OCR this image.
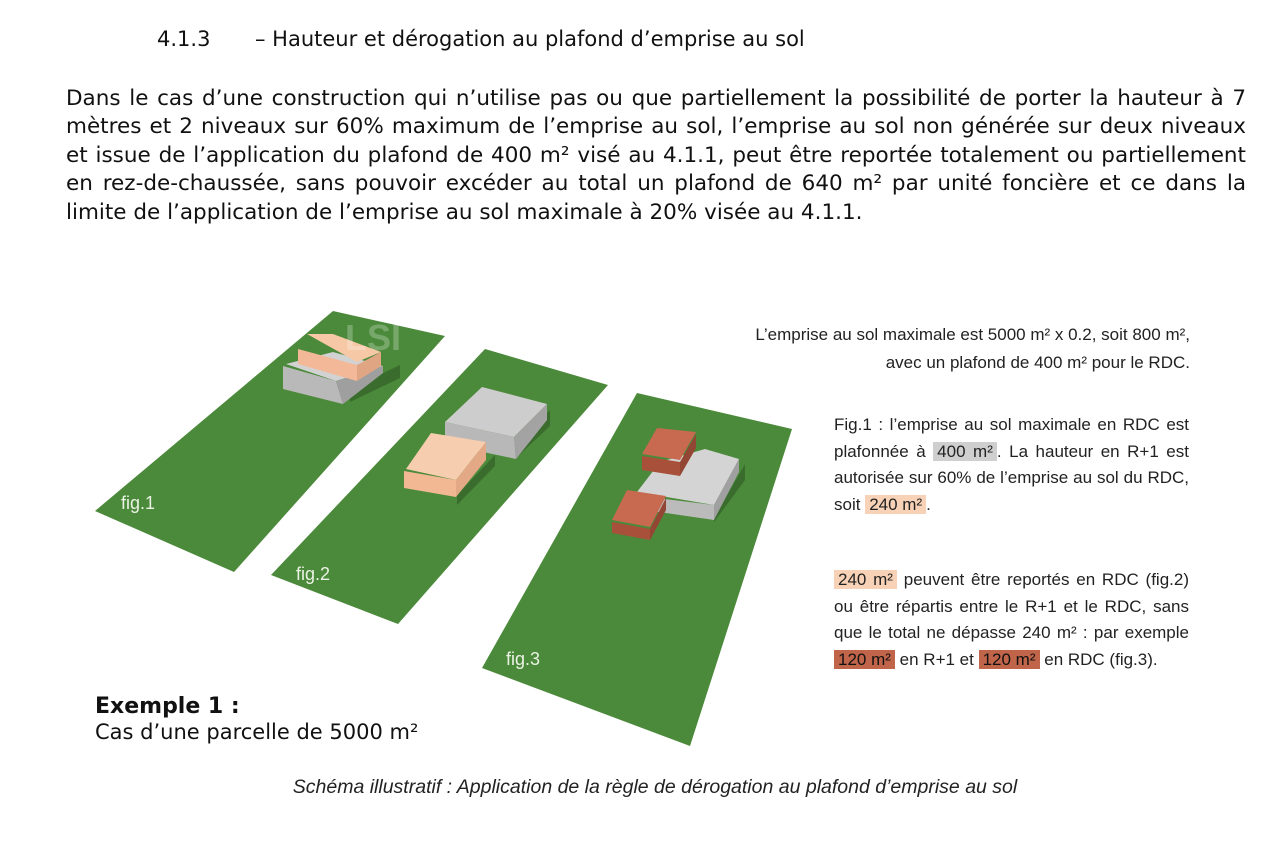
4.1.3 – Hauteur et dérogation au plafond d’emprise au sol
Dans le cas d’une construction qui n’utilise pas ou que partiellement la possibilité de porter la hauteur à 7 mètres et 2 niveaux sur 60% maximum de l’emprise au sol, l’emprise au sol non générée sur deux niveaux et issue de l’application du plafond de 400 m² visé au 4.1.1, peut être reportée totalement ou partiellement en rez-de-chaussée, sans pouvoir excéder au total un plafond de 640 m² par unité foncière et ce dans la limite de l’application de l’emprise au sol maximale à 20% visée au 4.1.1.
LSI
fig.1
fig.2
fig.3
L’emprise au sol maximale est 5000 m² x 0.2, soit 800 m²,
avec un plafond de 400 m² pour le RDC.
Fig.1 : l’emprise au sol maximale en RDC est plafonnée à 400 m² . La hauteur en R+1 est autorisée sur 60% de l’emprise au sol du RDC, soit 240 m² .
240 m² peuvent être reportés en RDC (fig.2) ou être répartis entre le R+1 et le RDC, sans que le total ne dépasse 240 m² : par exemple 120 m² en R+1 et 120 m² en RDC (fig.3).
Exemple 1 :
Cas d’une parcelle de 5000 m²
Schéma illustratif : Application de la règle de dérogation au plafond d’emprise au sol
